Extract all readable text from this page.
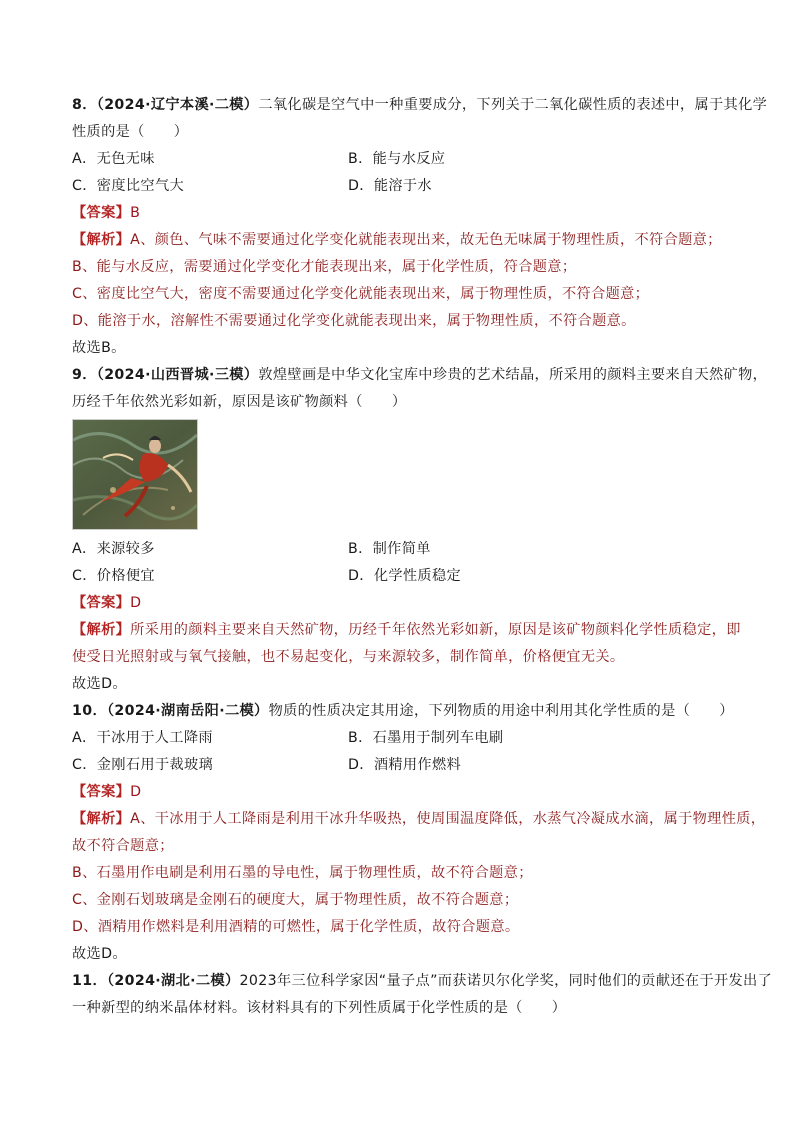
8．（2024·辽宁本溪·二模）二氧化碳是空气中一种重要成分，下列关于二氧化碳性质的表述中，属于其化学
性质的是（　　）
A．无色无味	B．能与水反应
C．密度比空气大	D．能溶于水
【答案】B
【解析】A、颜色、气味不需要通过化学变化就能表现出来，故无色无味属于物理性质，不符合题意；
B、能与水反应，需要通过化学变化才能表现出来，属于化学性质，符合题意；
C、密度比空气大，密度不需要通过化学变化就能表现出来，属于物理性质，不符合题意；
D、能溶于水，溶解性不需要通过化学变化就能表现出来，属于物理性质，不符合题意。
故选B。
9．（2024·山西晋城·三模）敦煌壁画是中华文化宝库中珍贵的艺术结晶，所采用的颜料主要来自天然矿物，
历经千年依然光彩如新，原因是该矿物颜料（　　）
A．来源较多	B．制作简单
C．价格便宜	D．化学性质稳定
【答案】D
【解析】所采用的颜料主要来自天然矿物，历经千年依然光彩如新，原因是该矿物颜料化学性质稳定，即
使受日光照射或与氧气接触，也不易起变化，与来源较多，制作简单，价格便宜无关。
故选D。
10．（2024·湖南岳阳·二模）物质的性质决定其用途，下列物质的用途中利用其化学性质的是（　　）
A．干冰用于人工降雨	B．石墨用于制列车电刷
C．金刚石用于裁玻璃	D．酒精用作燃料
【答案】D
【解析】A、干冰用于人工降雨是利用干冰升华吸热，使周围温度降低，水蒸气冷凝成水滴，属于物理性质，
故不符合题意；
B、石墨用作电刷是利用石墨的导电性，属于物理性质，故不符合题意；
C、金刚石划玻璃是金刚石的硬度大，属于物理性质，故不符合题意；
D、酒精用作燃料是利用酒精的可燃性，属于化学性质，故符合题意。
故选D。
11．（2024·湖北·二模）2023年三位科学家因“量子点”而获诺贝尔化学奖，同时他们的贡献还在于开发出了
一种新型的纳米晶体材料。该材料具有的下列性质属于化学性质的是（　　）
